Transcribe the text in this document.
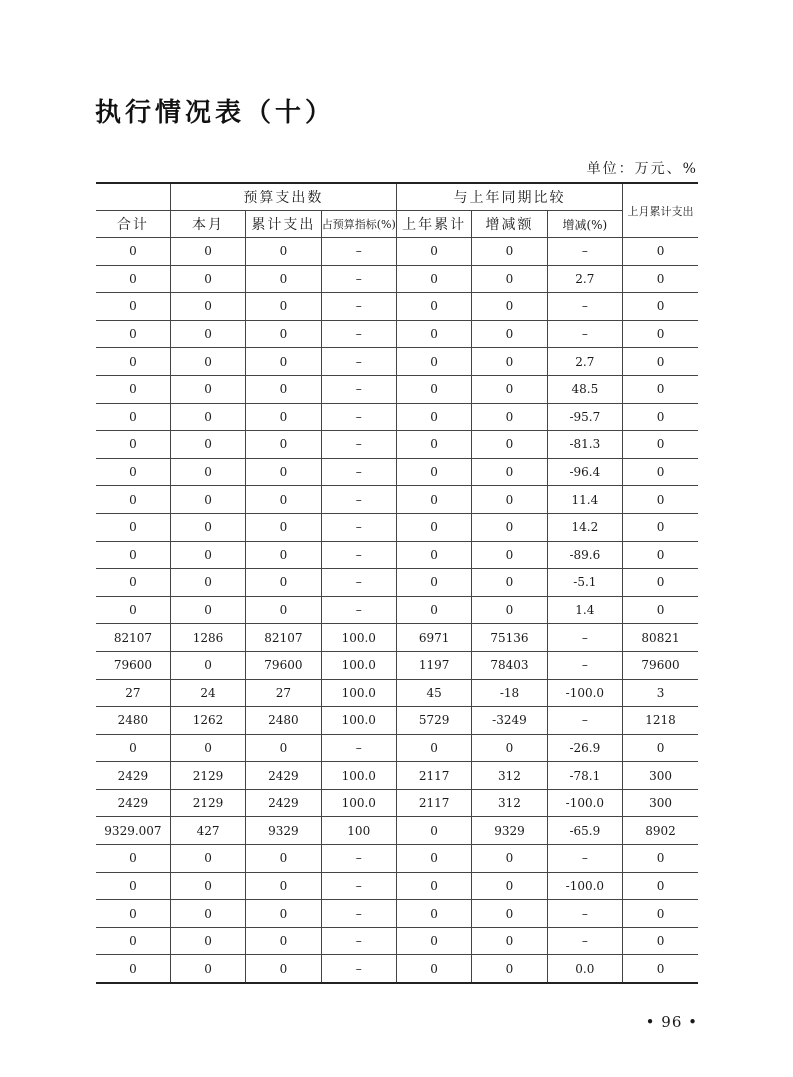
执行情况表（十）
单位：万元、%
	预算支出数			与上年同期比较			上月累计支出
合计	本月	累计支出	占预算指标(%)	上年累计	增减额	增减(%)	
0	0	0	–	0	0	–	0
0	0	0	–	0	0	2.7	0
0	0	0	–	0	0	–	0
0	0	0	–	0	0	–	0
0	0	0	–	0	0	2.7	0
0	0	0	–	0	0	48.5	0
0	0	0	–	0	0	-95.7	0
0	0	0	–	0	0	-81.3	0
0	0	0	–	0	0	-96.4	0
0	0	0	–	0	0	11.4	0
0	0	0	–	0	0	14.2	0
0	0	0	–	0	0	-89.6	0
0	0	0	–	0	0	-5.1	0
0	0	0	–	0	0	1.4	0
82107	1286	82107	100.0	6971	75136	–	80821
79600	0	79600	100.0	1197	78403	–	79600
27	24	27	100.0	45	-18	-100.0	3
2480	1262	2480	100.0	5729	-3249	–	1218
0	0	0	–	0	0	-26.9	0
2429	2129	2429	100.0	2117	312	-78.1	300
2429	2129	2429	100.0	2117	312	-100.0	300
9329.007	427	9329	100	0	9329	-65.9	8902
0	0	0	–	0	0	–	0
0	0	0	–	0	0	-100.0	0
0	0	0	–	0	0	–	0
0	0	0	–	0	0	–	0
0	0	0	–	0	0	0.0	0
• 96 •
